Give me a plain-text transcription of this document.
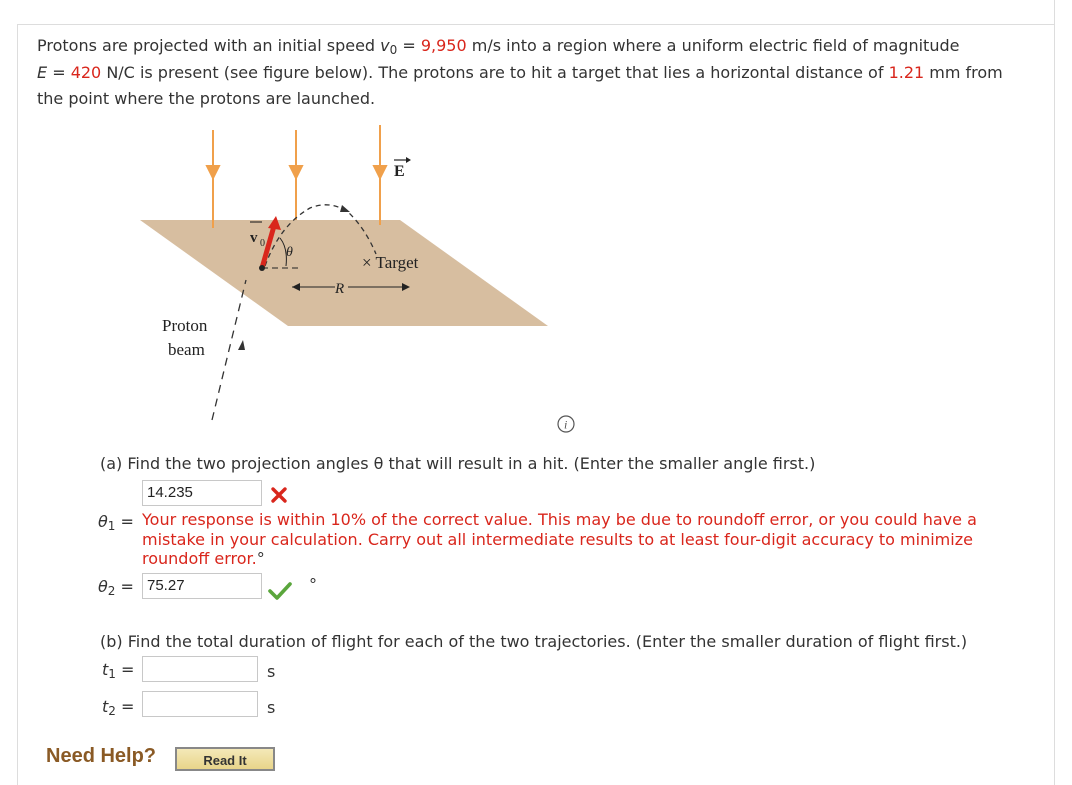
Protons are projected with an initial speed $v_0 = 9,950$ m/s into a region where a uniform electric field of magnitude
E = 420 N/C is present (see figure below). The protons are to hit a target that lies a horizontal distance of 1.21 mm from the point where the protons are launched.
E
v 0
θ
× Target
R
Proton
beam
i
(a) Find the two projection angles θ that will result in a hit. (Enter the smaller angle first.)
$\theta_1$ =
14.235
Your response is within 10% of the correct value. This may be due to roundoff error, or you could have a mistake in your calculation. Carry out all intermediate results to at least four-digit accuracy to minimize roundoff error.°
$\theta_2 = 75.27$	°
(b) Find the total duration of flight for each of the two trajectories. (Enter the smaller duration of flight first.)
$t_1$ =	s
$t_2$ =	s
Need Help?	Read It
